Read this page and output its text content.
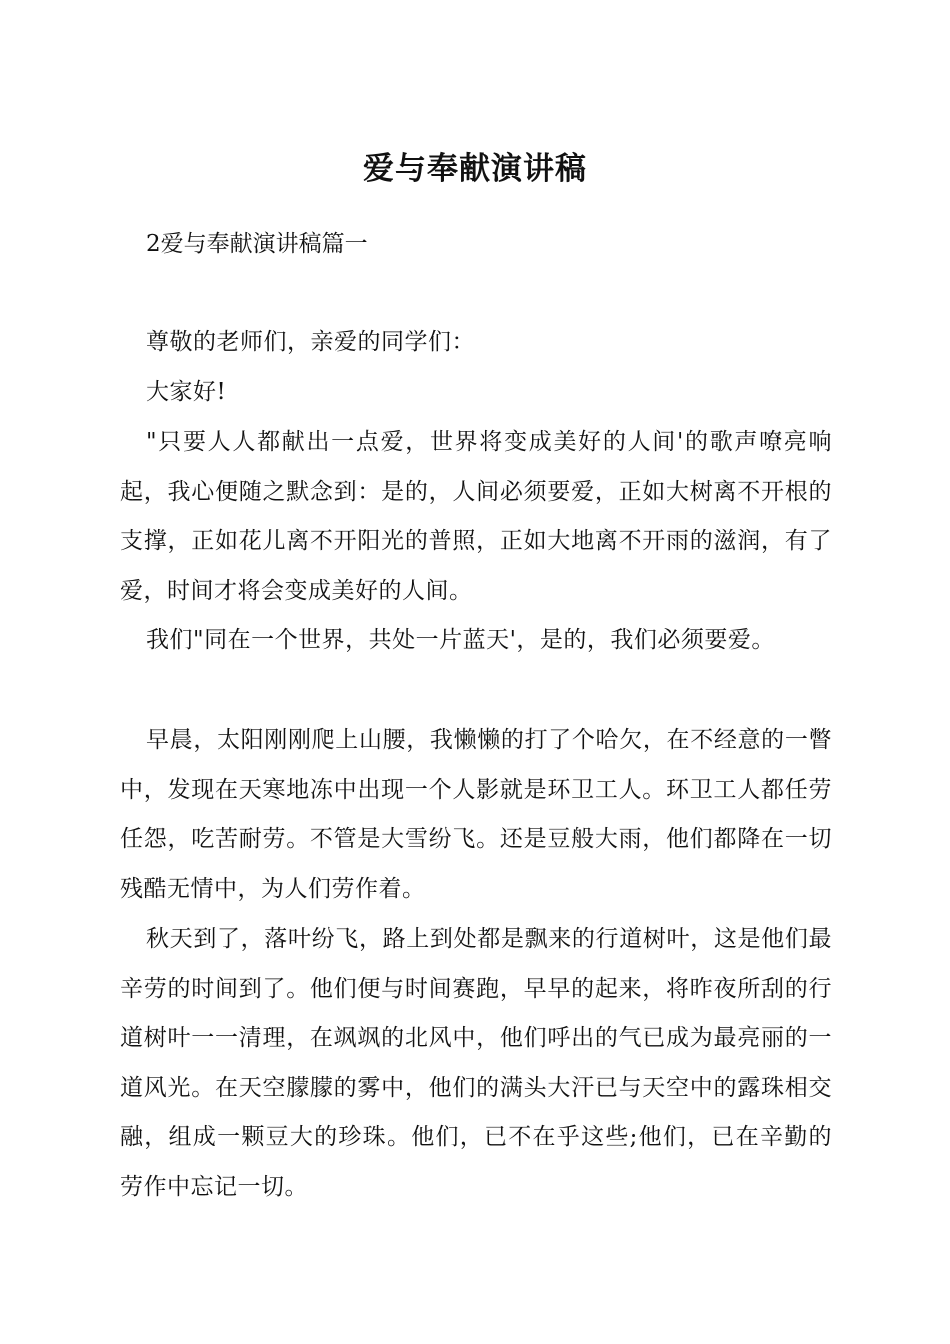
爱与奉献演讲稿

2爱与奉献演讲稿篇一

尊敬的老师们，亲爱的同学们：

大家好!

"只要人人都献出一点爱，世界将变成美好的人间'的歌声嘹亮响起，我心便随之默念到：是的，人间必须要爱，正如大树离不开根的支撑，正如花儿离不开阳光的普照，正如大地离不开雨的滋润，有了爱，时间才将会变成美好的人间。

我们"同在一个世界，共处一片蓝天'，是的，我们必须要爱。

早晨，太阳刚刚爬上山腰，我懒懒的打了个哈欠，在不经意的一瞥中，发现在天寒地冻中出现一个人影就是环卫工人。环卫工人都任劳任怨，吃苦耐劳。不管是大雪纷飞。还是豆般大雨，他们都降在一切残酷无情中，为人们劳作着。

秋天到了，落叶纷飞，路上到处都是飘来的行道树叶，这是他们最辛劳的时间到了。他们便与时间赛跑，早早的起来，将昨夜所刮的行道树叶一一清理，在飒飒的北风中，他们呼出的气已成为最亮丽的一道风光。在天空朦朦的雾中，他们的满头大汗已与天空中的露珠相交融，组成一颗豆大的珍珠。他们，已不在乎这些;他们，已在辛勤的劳作中忘记一切。
